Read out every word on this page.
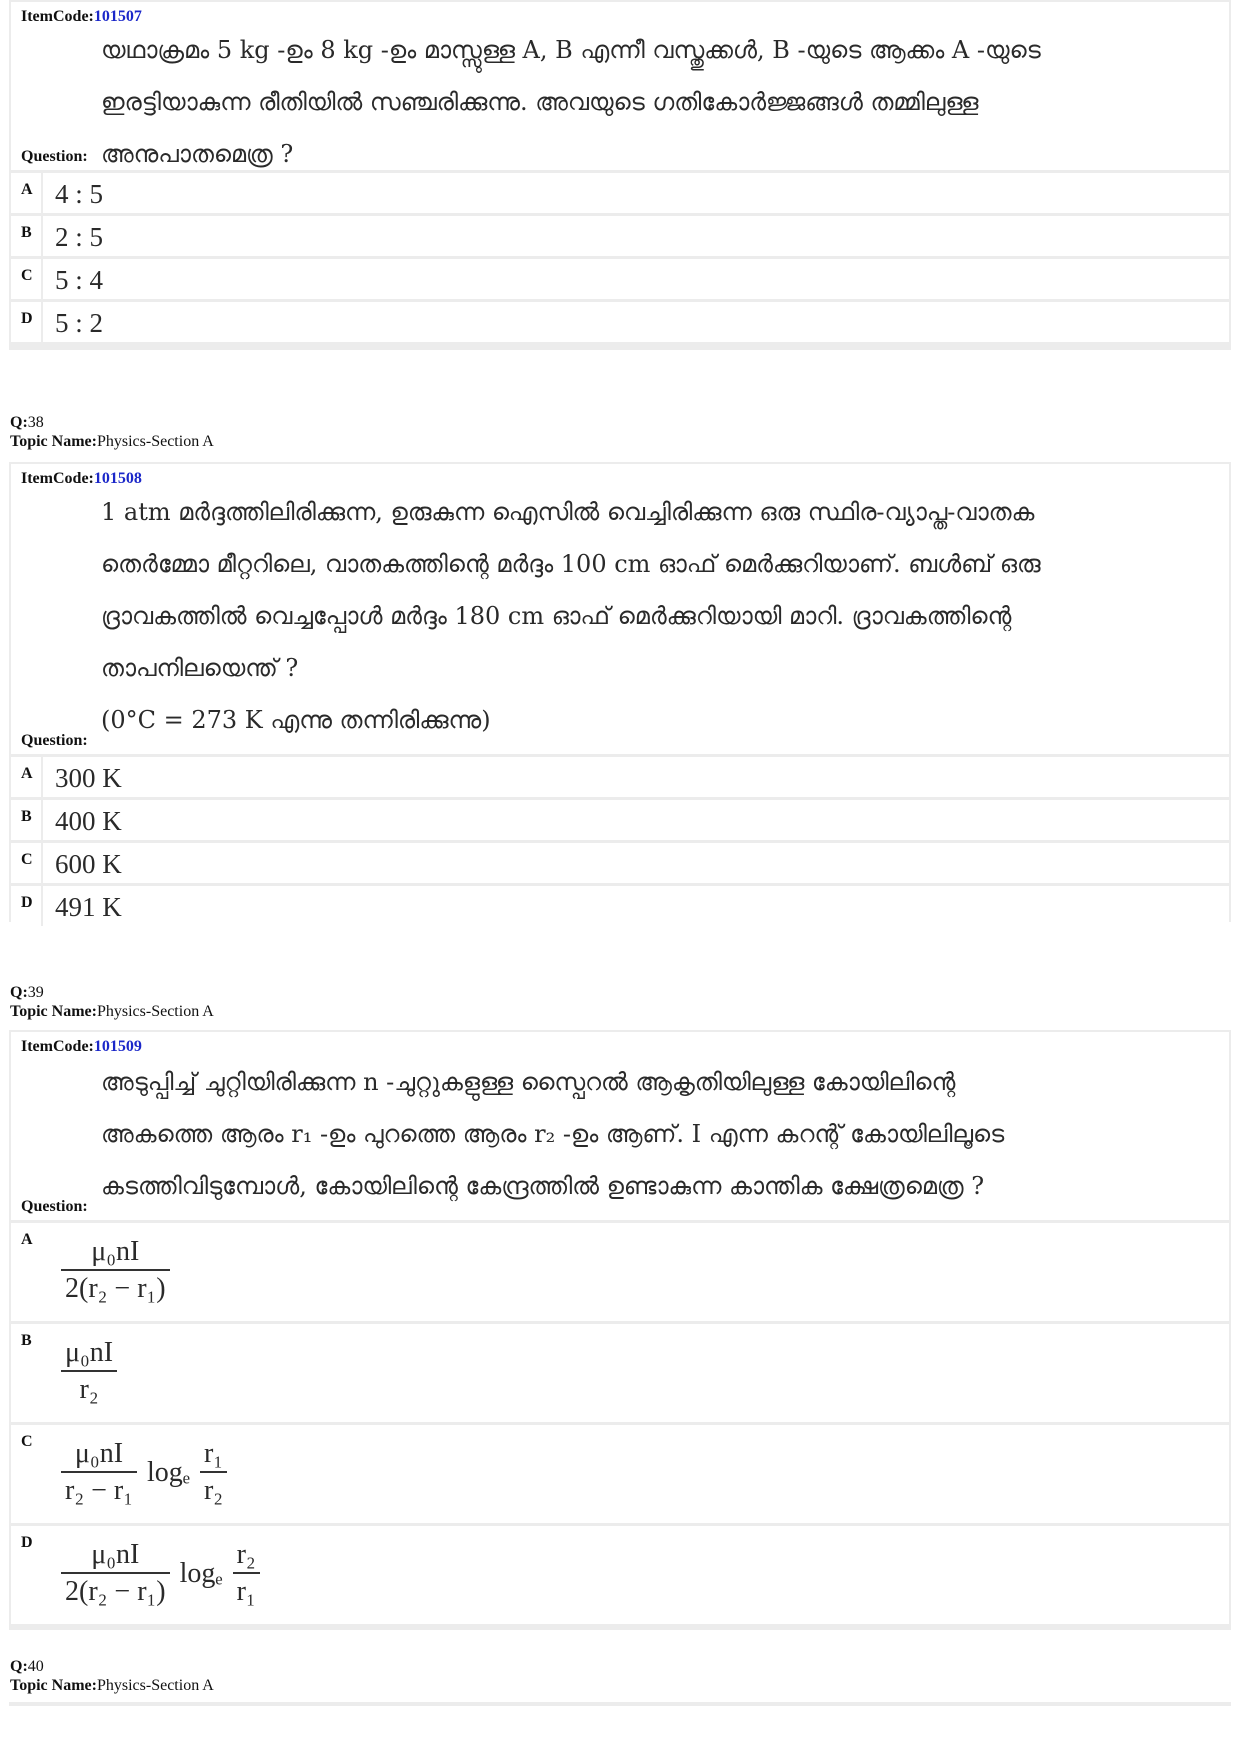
ItemCode:101507
യഥാക്രമം 5 kg -ഉം 8 kg -ഉം മാസ്സുള്ള A, B എന്നീ വസ്തുക്കൾ, B -യുടെ ആക്കം A -യുടെ
ഇരട്ടിയാകുന്ന രീതിയിൽ സഞ്ചരിക്കുന്നു. അവയുടെ ഗതികോർജ്ജങ്ങൾ തമ്മിലുള്ള
അനുപാതമെത്ര ?
Question:
A 4 : 5
B 2 : 5
C 5 : 4
D 5 : 2
Q:38
Topic Name:Physics-Section A
ItemCode:101508
1 atm മർദ്ദത്തിലിരിക്കുന്ന, ഉരുകുന്ന ഐസിൽ വെച്ചിരിക്കുന്ന ഒരു സ്ഥിര-വ്യാപ്ത-വാതക
തെർമ്മോ മീറ്ററിലെ, വാതകത്തിന്റെ മർദ്ദം 100 cm ഓഫ് മെർക്കുറിയാണ്. ബൾബ് ഒരു
ദ്രാവകത്തിൽ വെച്ചപ്പോൾ മർദ്ദം 180 cm ഓഫ് മെർക്കുറിയായി മാറി. ദ്രാവകത്തിന്റെ
താപനിലയെന്ത് ?
(0°C = 273 K എന്നു തന്നിരിക്കുന്നു)
Question:
A 300 K
B 400 K
C 600 K
D 491 K
Q:39
Topic Name:Physics-Section A
ItemCode:101509
അടുപ്പിച്ച് ചുറ്റിയിരിക്കുന്ന n -ചുറ്റുകളുള്ള സ്പൈറൽ ആകൃതിയിലുള്ള കോയിലിന്റെ
അകത്തെ ആരം r₁ -ഉം പുറത്തെ ആരം r₂ -ഉം ആണ്. I എന്ന കറന്റ് കോയിലിലൂടെ
കടത്തിവിടുമ്പോൾ, കോയിലിന്റെ കേന്ദ്രത്തിൽ ഉണ്ടാകുന്ന കാന്തിക ക്ഷേത്രമെത്ര ?
Question:
A $\frac{\text{μ₀nI}}{\text{2(r₂ − r₁)}}$
B $\frac{\text{μ₀nI}}{\text{r₂}}$
C $\frac{\text{μ₀nI}}{\text{r₂ − r₁}}$ logₑ $\frac{\text{r₁}}{\text{r₂}}$
D $\frac{\text{μ₀nI}}{\text{2(r₂ − r₁)}}$ logₑ $\frac{\text{r₂}}{\text{r₁}}$
Q:40
Topic Name:Physics-Section A
